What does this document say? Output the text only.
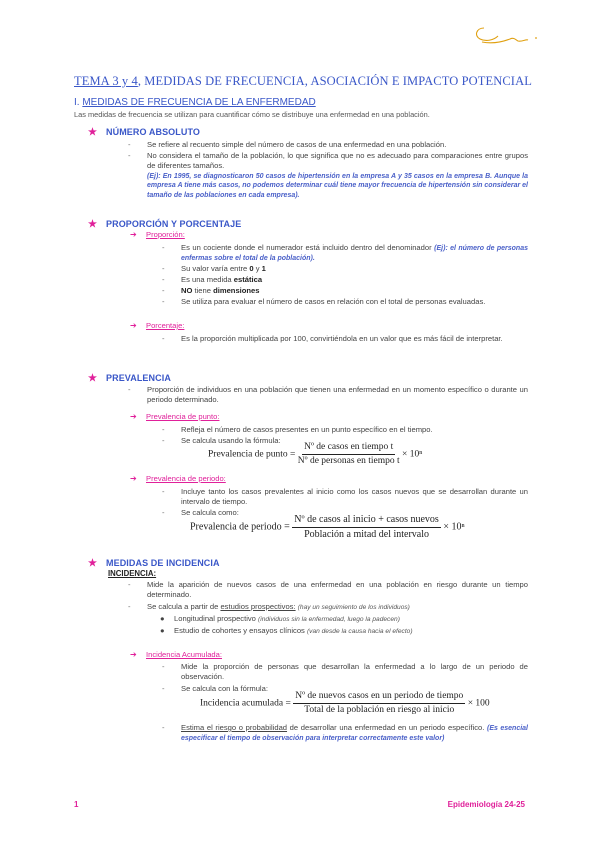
TEMA 3 y 4, MEDIDAS DE FRECUENCIA, ASOCIACIÓN E IMPACTO POTENCIAL
I. MEDIDAS DE FRECUENCIA DE LA ENFERMEDAD
Las medidas de frecuencia se utilizan para cuantificar cómo se distribuye una enfermedad en una población.
★ NÚMERO ABSOLUTO
-	Se refiere al recuento simple del número de casos de una enfermedad en una población.
-	No considera el tamaño de la población, lo que significa que no es adecuado para comparaciones entre grupos de diferentes tamaños.
(Ej): En 1995, se diagnosticaron 50 casos de hipertensión en la empresa A y 35 casos en la empresa B. Aunque la empresa A tiene más casos, no podemos determinar cuál tiene mayor frecuencia de hipertensión sin considerar el tamaño de las poblaciones en cada empresa).
★ PROPORCIÓN Y PORCENTAJE
➔ Proporción:
-	Es un cociente donde el numerador está incluido dentro del denominador (Ej): el número de personas enfermas sobre el total de la población).
-	Su valor varía entre 0 y 1
-	Es una medida estática
-	NO tiene dimensiones
-	Se utiliza para evaluar el número de casos en relación con el total de personas evaluadas.
➔ Porcentaje:
-	Es la proporción multiplicada por 100, convirtiéndola en un valor que es más fácil de interpretar.
★ PREVALENCIA
-	Proporción de individuos en una población que tienen una enfermedad en un momento específico o durante un periodo determinado.
➔ Prevalencia de punto:
-	Refleja el número de casos presentes en un punto específico en el tiempo.
-	Se calcula usando la fórmula:
Prevalencia de punto = $\frac{\text{Nº de casos en tiempo t}}{\text{Nº de personas en tiempo t}} \times 10^n$
➔ Prevalencia de periodo:
-	Incluye tanto los casos prevalentes al inicio como los casos nuevos que se desarrollan durante un intervalo de tiempo.
-	Se calcula como:
Prevalencia de periodo = $\frac{\text{Nº de casos al inicio + casos nuevos}}{\text{Población a mitad del intervalo}} \times 10^n$
★ MEDIDAS DE INCIDENCIA
INCIDENCIA:
-	Mide la aparición de nuevos casos de una enfermedad en una población en riesgo durante un tiempo determinado.
-	Se calcula a partir de estudios prospectivos: (hay un seguimiento de los individuos)
●	Longitudinal prospectivo (individuos sin la enfermedad, luego la padecen)
●	Estudio de cohortes y ensayos clínicos (van desde la causa hacia el efecto)
➔ Incidencia Acumulada:
-	Mide la proporción de personas que desarrollan la enfermedad a lo largo de un periodo de observación.
-	Se calcula con la fórmula:
Incidencia acumulada = $\frac{\text{Nº de nuevos casos en un periodo de tiempo}}{\text{Total de la población en riesgo al inicio}} \times 100$
-	Estima el riesgo o probabilidad de desarrollar una enfermedad en un periodo específico. (Es esencial especificar el tiempo de observación para interpretar correctamente este valor)
1	Epidemiología 24-25
